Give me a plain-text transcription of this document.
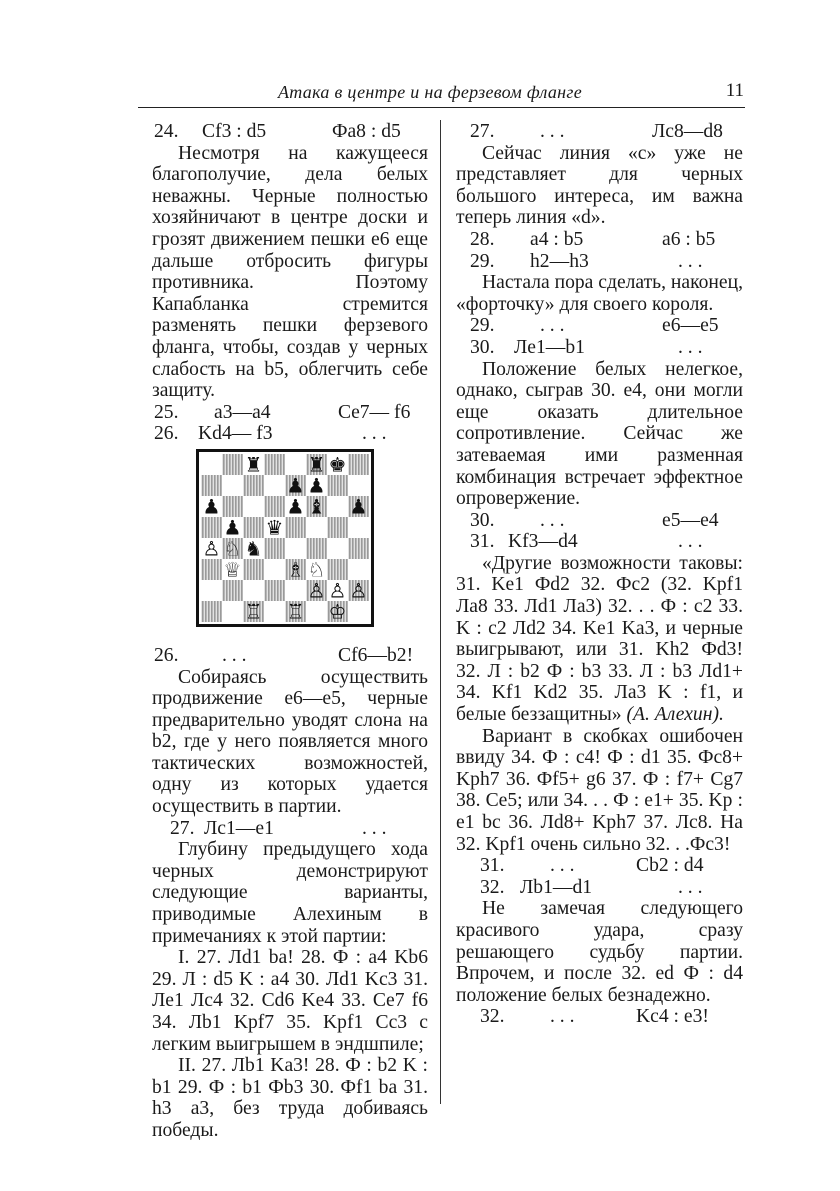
Атака в центре и на ферзевом фланге	11
24. Cf3 : d5	Фa8 : d5

Несмотря на кажущееся благополучие, дела белых неважны. Черные полностью хозяйничают в центре доски и грозят движением пешки e6 еще дальше отбросить фигуры противника. Поэтому Капабланка стремится разменять пешки ферзевого фланга, чтобы, создав у черных слабость на b5, облегчить себе защиту.

25. a3—a4	Ce7— f6
26. Kd4— f3	. . .
♜ ♜ ♚
♟ ♟
♟	♟ ♝ ♟
♟ ♛
♙ ♘ ♞
♕ ♗ ♘
♙ ♙ ♙
♖ ♖ ♔
26. . . .	Cf6—b2!

Собираясь осуществить продвижение e6—e5, черные предварительно уводят слона на b2, где у него появляется много тактических возможностей, одну из которых удается осуществить в партии.

27. Лc1—e1	. . .

Глубину предыдущего хода черных демонстрируют следующие варианты, приводимые Алехиным в примечаниях к этой партии:

I. 27. Лd1 ba! 28. Ф : a4 Kb6 29. Л : d5 K : a4 30. Лd1 Kc3 31. Лe1 Лc4 32. Cd6 Ke4 33. Ce7 f6 34. Лb1 Kpf7 35. Kpf1 Cc3 с легким выигрышем в эндшпиле;

II. 27. Лb1 Ka3! 28. Ф : b2 K : b1 29. Ф : b1 Фb3 30. Фf1 ba 31. h3 a3, без труда добиваясь победы.

27. . . .	Лc8—d8

Сейчас линия «c» уже не представляет для черных большого интереса, им важна теперь линия «d».

28. a4 : b5	a6 : b5
29. h2—h3	. . .

Настала пора сделать, наконец, «форточку» для своего короля.

29. . . .	e6—e5
30. Лe1—b1	. . .

Положение белых нелегкое, однако, сыграв 30. e4, они могли еще оказать длительное сопротивление. Сейчас же затеваемая ими разменная комбинация встречает эффектное опровержение.

30. . . .	e5—e4
31. Kf3—d4	. . .

«Другие возможности таковы: 31. Ke1 Фd2 32. Фc2 (32. Kpf1 Лa8 33. Лd1 Лa3) 32. . . Ф : c2 33. K : c2 Лd2 34. Ke1 Ka3, и черные выигрывают, или 31. Kh2 Фd3! 32. Л : b2 Ф : b3 33. Л : b3 Лd1+ 34. Kf1 Kd2 35. Лa3 K : f1, и белые беззащитны» (А. Алехин).

Вариант в скобках ошибочен ввиду 34. Ф : c4! Ф : d1 35. Фc8+ Kph7 36. Фf5+ g6 37. Ф : f7+ Cg7 38. Ce5; или 34. . . Ф : e1+ 35. Kp : e1 bc 36. Лd8+ Kph7 37. Лc8. На 32. Kpf1 очень сильно 32. . .Фc3!

31. . . .	Cb2 : d4
32. Лb1—d1	. . .

Не замечая следующего красивого удара, сразу решающего судьбу партии. Впрочем, и после 32. ed Ф : d4 положение белых безнадежно.

32. . . .	Kc4 : e3!
